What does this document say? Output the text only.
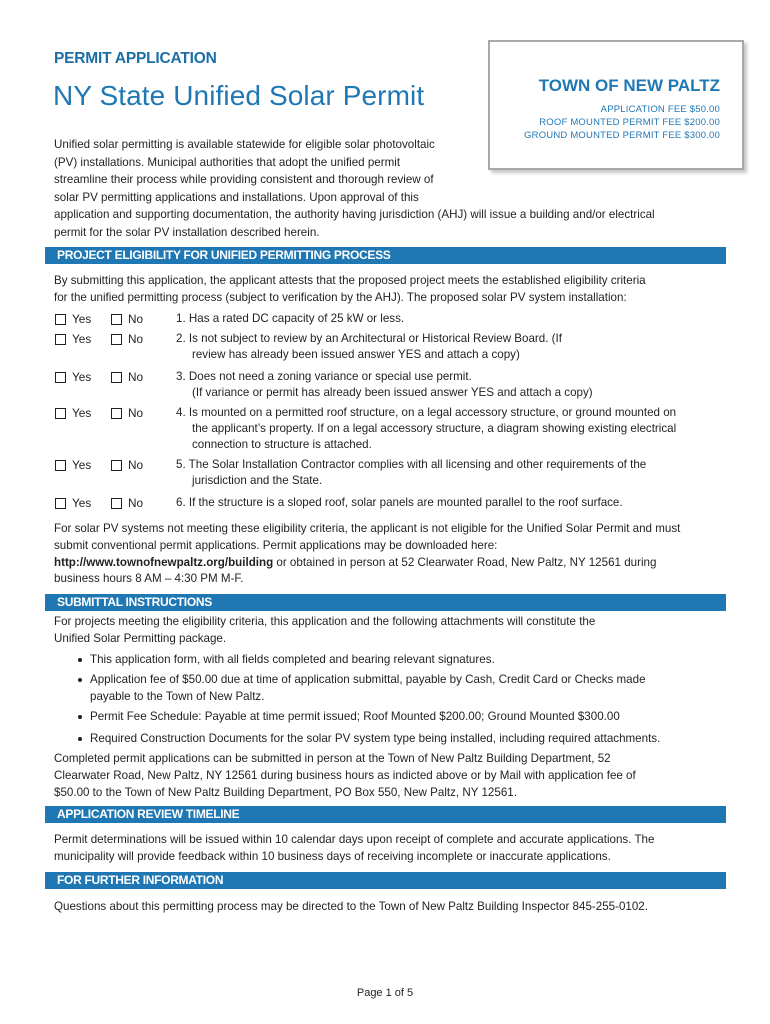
PERMIT APPLICATION
NY State Unified Solar Permit	TOWN OF NEW PALTZ
APPLICATION FEE $50.00
ROOF MOUNTED PERMIT FEE $200.00
GROUND MOUNTED PERMIT FEE $300.00
Unified solar permitting is available statewide for eligible solar photovoltaic
(PV) installations. Municipal authorities that adopt the unified permit
streamline their process while providing consistent and thorough review of
solar PV permitting applications and installations. Upon approval of this
application and supporting documentation, the authority having jurisdiction (AHJ) will issue a building and/or electrical
permit for the solar PV installation described herein.
PROJECT ELIGIBILITY FOR UNIFIED PERMITTING PROCESS
By submitting this application, the applicant attests that the proposed project meets the established eligibility criteria
for the unified permitting process (subject to verification by the AHJ). The proposed solar PV system installation:
Yes	No	1. Has a rated DC capacity of 25 kW or less.
Yes	No	2. Is not subject to review by an Architectural or Historical Review Board. (If
review has already been issued answer YES and attach a copy)
Yes	No	3. Does not need a zoning variance or special use permit.
(If variance or permit has already been issued answer YES and attach a copy)
Yes	No	4. Is mounted on a permitted roof structure, on a legal accessory structure, or ground mounted on
the applicant’s property. If on a legal accessory structure, a diagram showing existing electrical
connection to structure is attached.
Yes	No	5. The Solar Installation Contractor complies with all licensing and other requirements of the
jurisdiction and the State.
Yes	No	6. If the structure is a sloped roof, solar panels are mounted parallel to the roof surface.
For solar PV systems not meeting these eligibility criteria, the applicant is not eligible for the Unified Solar Permit and must
submit conventional permit applications. Permit applications may be downloaded here:
http://www.townofnewpaltz.org/building or obtained in person at 52 Clearwater Road, New Paltz, NY 12561 during
business hours 8 AM – 4:30 PM M-F.
SUBMITTAL INSTRUCTIONS
For projects meeting the eligibility criteria, this application and the following attachments will constitute the
Unified Solar Permitting package.
This application form, with all fields completed and bearing relevant signatures.
Application fee of $50.00 due at time of application submittal, payable by Cash, Credit Card or Checks made
payable to the Town of New Paltz.
Permit Fee Schedule: Payable at time permit issued; Roof Mounted $200.00; Ground Mounted $300.00
Required Construction Documents for the solar PV system type being installed, including required attachments.
Completed permit applications can be submitted in person at the Town of New Paltz Building Department, 52
Clearwater Road, New Paltz, NY 12561 during business hours as indicted above or by Mail with application fee of
$50.00 to the Town of New Paltz Building Department, PO Box 550, New Paltz, NY 12561.
APPLICATION REVIEW TIMELINE
Permit determinations will be issued within 10 calendar days upon receipt of complete and accurate applications. The
municipality will provide feedback within 10 business days of receiving incomplete or inaccurate applications.
FOR FURTHER INFORMATION
Questions about this permitting process may be directed to the Town of New Paltz Building Inspector 845-255-0102.
Page 1 of 5
